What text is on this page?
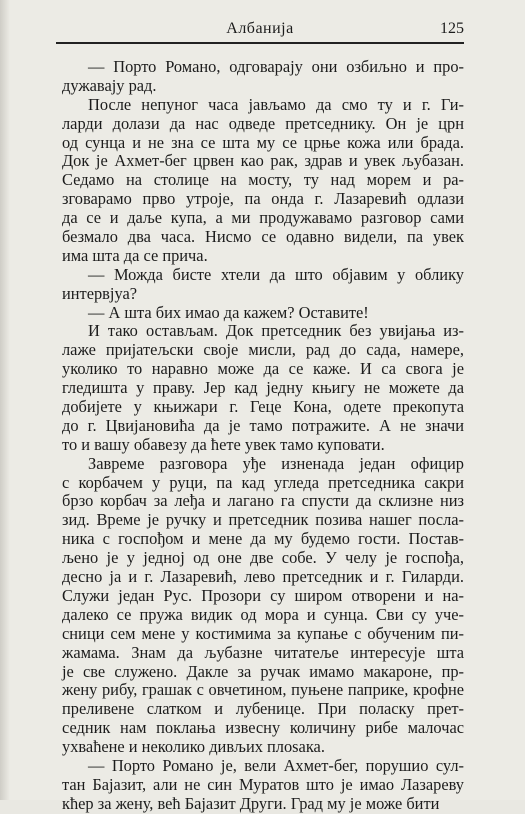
Албанија	125
— Порто Романо, одговарају они озбиљно и про-
дужавају рад.
После непуног часа јављамо да смо ту и г. Ги-
лaрди долази да нас одведе претседнику. Он је црн
од сунца и не зна се шта му се црње кожа или брада.
Док је Ахмет-бег црвен као рак, здрав и увек љубазан.
Седамо на столице на мосту, ту над морем и ра-
зговарамо прво утроје, па онда г. Лазаревић одлази
да се и даље купа, а ми продужавамо разговор сами
безмало два часа. Нисмо се одавно видели, па увек
има шта да се прича.
— Можда бисте хтели да што објавим у облику
интервјуа?
— А шта бих имао да кажем? Оставите!
И тако остављам. Док претседник без увијања из-
лаже пријатељски своје мисли, рад до сада, намере,
уколико то наравно може да се каже. И са свога је
гледишта у праву. Јер кад једну књигу не можете да
добијете у књижари г. Геце Кона, одете прекопута
до г. Цвијановића да је тамо потражите. А не значи
то и вашу обавезу да ћете увек тамо куповати.
Завреме разговора уђе изненада један официр
с корбачем у руци, па кад угледа претседника сакри
брзо корбач за леђа и лагано га спусти да склизне низ
зид. Време је ручку и претседник позива нашег посла-
ника с госпођом и мене да му будемо гости. Постав-
љено је у једној од оне две собе. У челу је госпођа,
десно ја и г. Лазаревић, лево претседник и г. Гиларди.
Служи један Рус. Прозори су широм отворени и на-
далеко се пружа видик од мора и сунца. Сви су уче-
сници сем мене у костимима за купање с обученим пи-
жамама. Знам да љубазне читатеље интересује шта
је све служено. Дакле за ручак имамо макароне, пр-
жену рибу, грашак с овчетином, пуњене паприке, крофне
преливене слатком и лубенице. При поласку прет-
седник нам поклања извесну количину рибе малочас
ухваћене и неколико дивљих плоsaка.
— Порто Романо је, вели Ахмет-бег, порушио сул-
тан Бајазит, али не син Муратов што је имао Лазареву
кћер за жену, већ Бајазит Други. Град му је може бити
